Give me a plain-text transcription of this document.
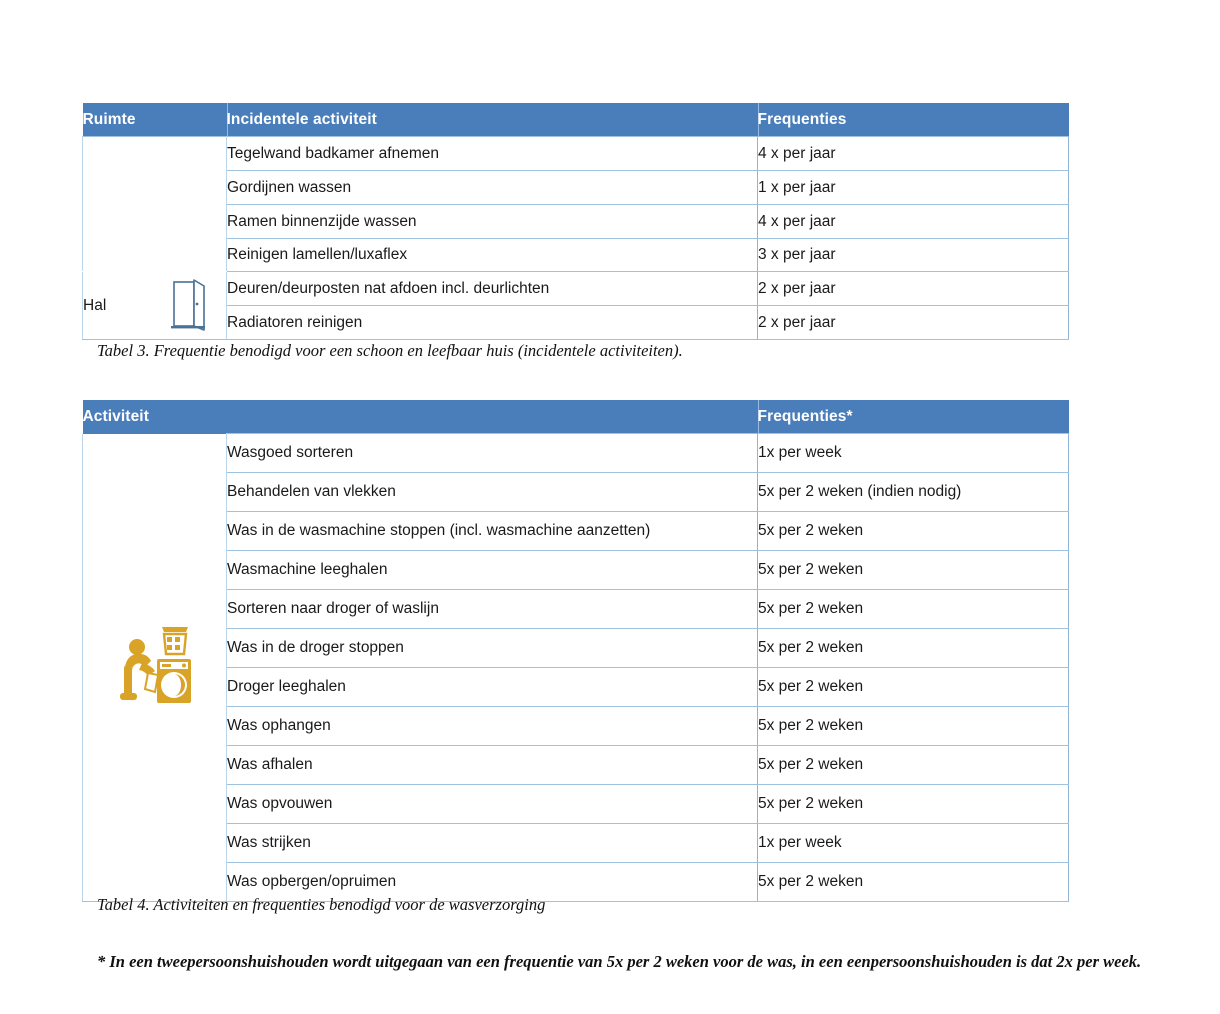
Ruimte	Incidentele activiteit	Frequenties
	Tegelwand badkamer afnemen	4 x per jaar
	Gordijnen wassen	1 x per jaar
	Ramen binnenzijde wassen	4 x per jaar
	Reinigen lamellen/luxaflex	3 x per jaar

Hal	Deuren/deurposten nat afdoen incl. deurlichten	2 x per jaar
	Radiatoren reinigen	2 x per jaar
Tabel 3. Frequentie benodigd voor een schoon en leefbaar huis (incidentele activiteiten).
Activiteit		Frequenties*
	Wasgoed sorteren	1x per week
	Behandelen van vlekken	5x per 2 weken (indien nodig)
	Was in de wasmachine stoppen (incl. wasmachine aanzetten)	5x per 2 weken
	Wasmachine leeghalen	5x per 2 weken
	Sorteren naar droger of waslijn	5x per 2 weken
	Was in de droger stoppen	5x per 2 weken
	Droger leeghalen	5x per 2 weken
	Was ophangen	5x per 2 weken
	Was afhalen	5x per 2 weken
	Was opvouwen	5x per 2 weken
	Was strijken	1x per week
	Was opbergen/opruimen	5x per 2 weken
Tabel 4. Activiteiten en frequenties benodigd voor de wasverzorging
* In een tweepersoonshuishouden wordt uitgegaan van een frequentie van 5x per 2 weken voor de was, in een eenpersoonshuishouden is dat 2x per week.
